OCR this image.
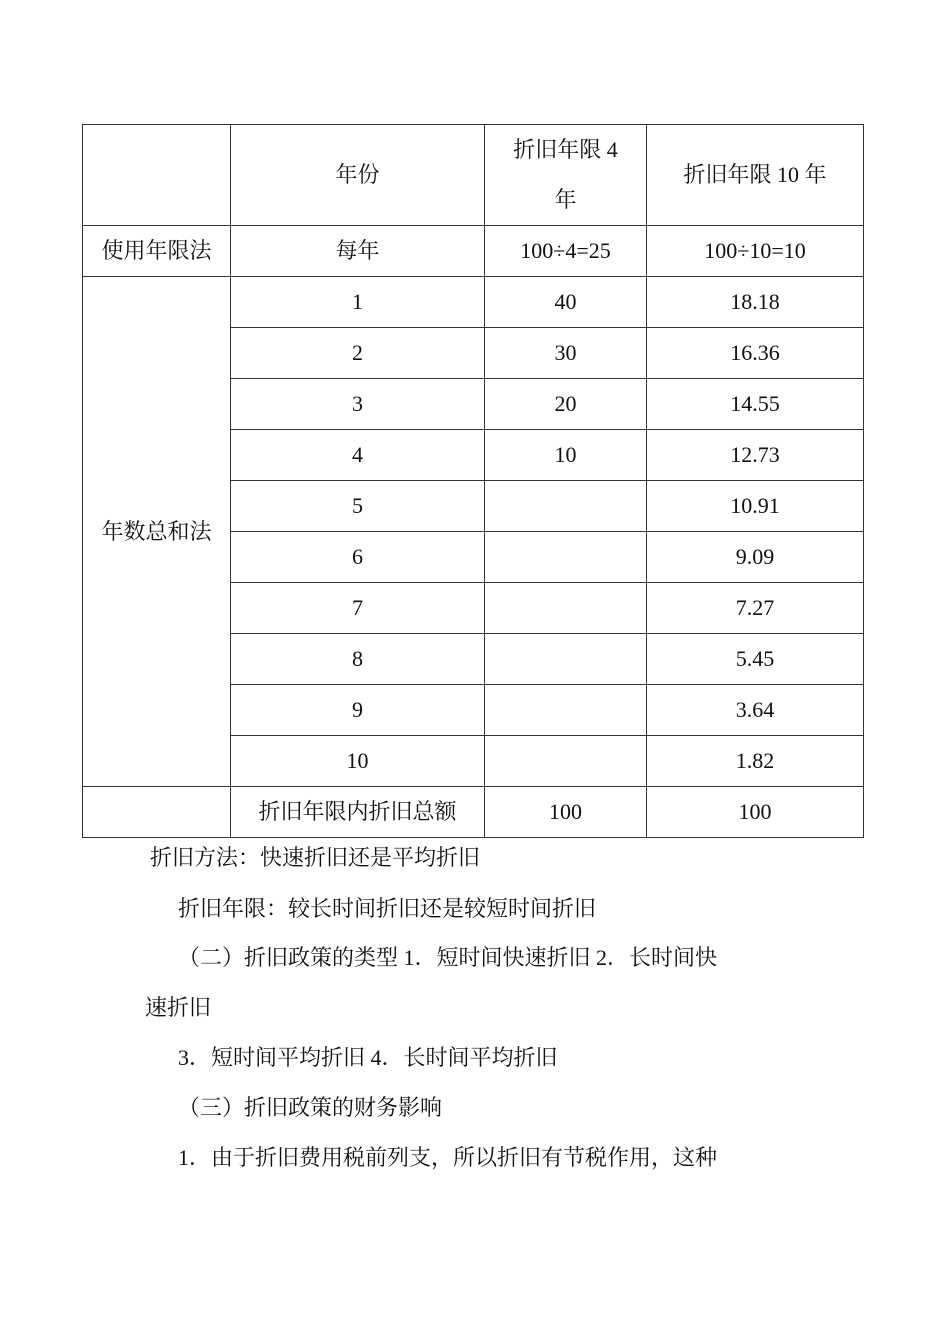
	年份	折旧年限 4 年	折旧年限 10 年
使用年限法	每年	100÷4=25	100÷10=10
年数总和法	1	40	18.18
	2	30	16.36
	3	20	14.55
	4	10	12.73
	5		10.91
	6		9.09
	7		7.27
	8		5.45
	9		3.64
	10		1.82
	折旧年限内折旧总额	100	100
折旧方法：快速折旧还是平均折旧
折旧年限：较长时间折旧还是较短时间折旧
（二）折旧政策的类型 1．短时间快速折旧 2．长时间快
速折旧
3．短时间平均折旧 4．长时间平均折旧
（三）折旧政策的财务影响
1．由于折旧费用税前列支，所以折旧有节税作用，这种
